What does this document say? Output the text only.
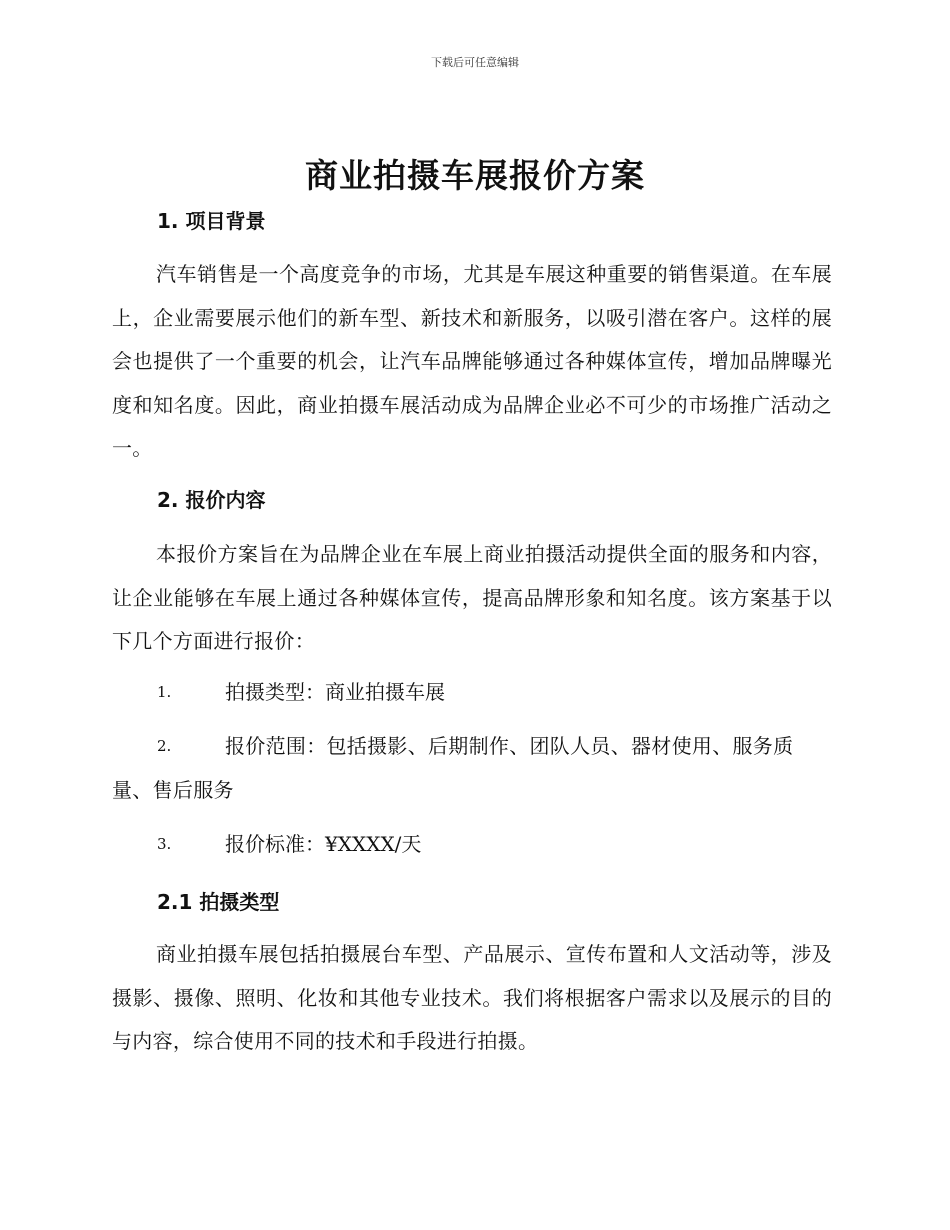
下载后可任意编辑
商业拍摄车展报价方案
1. 项目背景
汽车销售是一个高度竞争的市场，尤其是车展这种重要的销售渠道。在车展上，企业需要展示他们的新车型、新技术和新服务，以吸引潜在客户。这样的展会也提供了一个重要的机会，让汽车品牌能够通过各种媒体宣传，增加品牌曝光度和知名度。因此，商业拍摄车展活动成为品牌企业必不可少的市场推广活动之一。
2. 报价内容
本报价方案旨在为品牌企业在车展上商业拍摄活动提供全面的服务和内容，让企业能够在车展上通过各种媒体宣传，提高品牌形象和知名度。该方案基于以下几个方面进行报价：
1.	拍摄类型：商业拍摄车展
2.	报价范围：包括摄影、后期制作、团队人员、器材使用、服务质量、售后服务
3.	报价标准：¥XXXX/天
2.1 拍摄类型
商业拍摄车展包括拍摄展台车型、产品展示、宣传布置和人文活动等，涉及摄影、摄像、照明、化妆和其他专业技术。我们将根据客户需求以及展示的目的与内容，综合使用不同的技术和手段进行拍摄。
